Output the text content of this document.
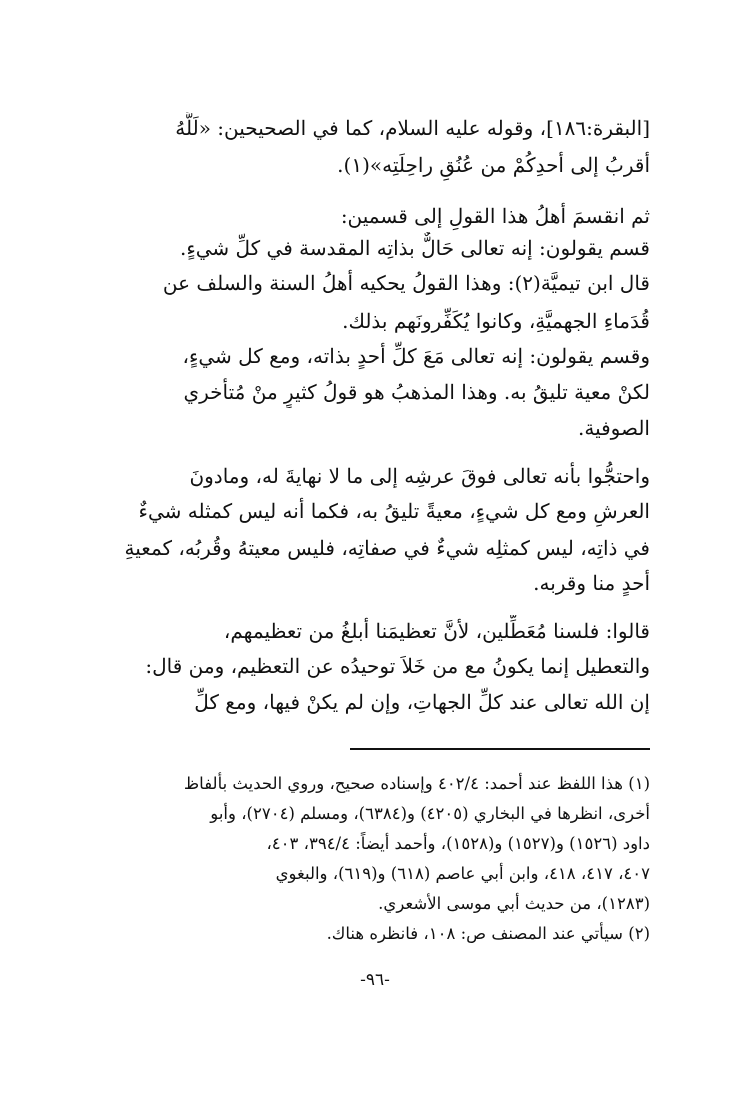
[البقرة:١٨٦]، وقوله عليه السلام، كما في الصحيحين: «لَلَّهُ
أقربُ إلى أحدِكُمْ من عُنُقِ راحِلَتِه»(١).
ثم انقسمَ أهلُ هذا القولِ إلى قسمين:
قسم يقولون: إنه تعالى حَالٌّ بذاتِه المقدسة في كلِّ شيءٍ.
قال ابن تيميَّة(٢): وهذا القولُ يحكيه أهلُ السنة والسلف عن
قُدَماءِ الجهميَّةِ، وكانوا يُكَفِّرونَهم بذلك.
وقسم يقولون: إنه تعالى مَعَ كلِّ أحدٍ بذاته، ومع كل شيءٍ،
لكنْ معية تليقُ به. وهذا المذهبُ هو قولُ كثيرٍ منْ مُتأخري
الصوفية.
واحتجُّوا بأنه تعالى فوقَ عرشِه إلى ما لا نهايةَ له، ومادونَ
العرشِ ومع كل شيءٍ، معيةً تليقُ به، فكما أنه ليس كمثله شيءٌ
في ذاتِه، ليس كمثلِه شيءٌ في صفاتِه، فليس معيتهُ وقُربُه، كمعيةِ
أحدٍ منا وقربه.
قالوا: فلسنا مُعَطِّلين، لأنَّ تعظيمَنا أبلغُ من تعظيمهم،
والتعطيل إنما يكونُ مع من خَلاَ توحيدُه عن التعظيم، ومن قال:
إن الله تعالى عند كلِّ الجهاتِ، وإن لم يكنْ فيها، ومع كلِّ
(١) هذا اللفظ عند أحمد: ٤٠٢/٤ وإسناده صحيح، وروي الحديث بألفاظ
أخرى، انظرها في البخاري (٤٢٠٥) و(٦٣٨٤)، ومسلم (٢٧٠٤)، وأبو
داود (١٥٢٦) و(١٥٢٧) و(١٥٢٨)، وأحمد أيضاً: ٣٩٤/٤، ٤٠٣،
٤٠٧، ٤١٧، ٤١٨، وابن أبي عاصم (٦١٨) و(٦١٩)، والبغوي
(١٢٨٣)، من حديث أبي موسى الأشعري.
(٢) سيأتي عند المصنف ص: ١٠٨، فانظره هناك.
-٩٦-
